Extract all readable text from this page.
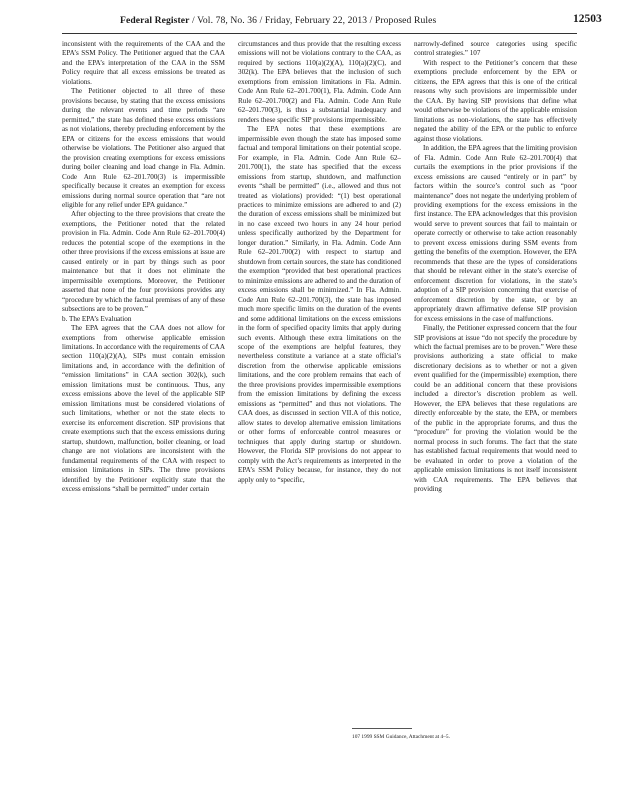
Federal Register / Vol. 78, No. 36 / Friday, February 22, 2013 / Proposed Rules	12503

inconsistent with the requirements of the CAA and the EPA’s SSM Policy. The Petitioner argued that the CAA and the EPA’s interpretation of the CAA in the SSM Policy require that all excess emissions be treated as violations.

The Petitioner objected to all three of these provisions because, by stating that the excess emissions during the relevant events and time periods “are permitted,” the state has defined these excess emissions as not violations, thereby precluding enforcement by the EPA or citizens for the excess emissions that would otherwise be violations. The Petitioner also argued that the provision creating exemptions for excess emissions during boiler cleaning and load change in Fla. Admin. Code Ann Rule 62–201.700(3) is impermissible specifically because it creates an exemption for excess emissions during normal source operation that “are not eligible for any relief under EPA guidance.”

After objecting to the three provisions that create the exemptions, the Petitioner noted that the related provision in Fla. Admin. Code Ann Rule 62–201.700(4) reduces the potential scope of the exemptions in the other three provisions if the excess emissions at issue are caused entirely or in part by things such as poor maintenance but that it does not eliminate the impermissible exemptions. Moreover, the Petitioner asserted that none of the four provisions provides any “procedure by which the factual premises of any of these subsections are to be proven.”

b. The EPA’s Evaluation

The EPA agrees that the CAA does not allow for exemptions from otherwise applicable emission limitations. In accordance with the requirements of CAA section 110(a)(2)(A), SIPs must contain emission limitations and, in accordance with the definition of “emission limitations” in CAA section 302(k), such emission limitations must be continuous. Thus, any excess emissions above the level of the applicable SIP emission limitations must be considered violations of such limitations, whether or not the state elects to exercise its enforcement discretion. SIP provisions that create exemptions such that the excess emissions during startup, shutdown, malfunction, boiler cleaning, or load change are not violations are inconsistent with the fundamental requirements of the CAA with respect to emission limitations in SIPs. The three provisions identified by the Petitioner explicitly state that the excess emissions “shall be permitted” under certain

circumstances and thus provide that the resulting excess emissions will not be violations contrary to the CAA, as required by sections 110(a)(2)(A), 110(a)(2)(C), and 302(k). The EPA believes that the inclusion of such exemptions from emission limitations in Fla. Admin. Code Ann Rule 62–201.700(1), Fla. Admin. Code Ann Rule 62–201.700(2) and Fla. Admin. Code Ann Rule 62–201.700(3), is thus a substantial inadequacy and renders these specific SIP provisions impermissible.

The EPA notes that these exemptions are impermissible even though the state has imposed some factual and temporal limitations on their potential scope. For example, in Fla. Admin. Code Ann Rule 62–201.700(1), the state has specified that the excess emissions from startup, shutdown, and malfunction events “shall be permitted” (i.e., allowed and thus not treated as violations) provided: “(1) best operational practices to minimize emissions are adhered to and (2) the duration of excess emissions shall be minimized but in no case exceed two hours in any 24 hour period unless specifically authorized by the Department for longer duration.” Similarly, in Fla. Admin. Code Ann Rule 62–201.700(2) with respect to startup and shutdown from certain sources, the state has conditioned the exemption “provided that best operational practices to minimize emissions are adhered to and the duration of excess emissions shall be minimized.” In Fla. Admin. Code Ann Rule 62–201.700(3), the state has imposed much more specific limits on the duration of the events and some additional limitations on the excess emissions in the form of specified opacity limits that apply during such events. Although these extra limitations on the scope of the exemptions are helpful features, they nevertheless constitute a variance at a state official’s discretion from the otherwise applicable emissions limitations, and the core problem remains that each of the three provisions provides impermissible exemptions from the emission limitations by defining the excess emissions as “permitted” and thus not violations. The CAA does, as discussed in section VII.A of this notice, allow states to develop alternative emission limitations or other forms of enforceable control measures or techniques that apply during startup or shutdown. However, the Florida SIP provisions do not appear to comply with the Act’s requirements as interpreted in the EPA’s SSM Policy because, for instance, they do not apply only to “specific,

narrowly-defined source categories using specific control strategies.” 107

With respect to the Petitioner’s concern that these exemptions preclude enforcement by the EPA or citizens, the EPA agrees that this is one of the critical reasons why such provisions are impermissible under the CAA. By having SIP provisions that define what would otherwise be violations of the applicable emission limitations as non-violations, the state has effectively negated the ability of the EPA or the public to enforce against those violations.

In addition, the EPA agrees that the limiting provision of Fla. Admin. Code Ann Rule 62–201.700(4) that curtails the exemptions in the prior provisions if the excess emissions are caused “entirely or in part” by factors within the source’s control such as “poor maintenance” does not negate the underlying problem of providing exemptions for the excess emissions in the first instance. The EPA acknowledges that this provision would serve to prevent sources that fail to maintain or operate correctly or otherwise to take action reasonably to prevent excess emissions during SSM events from getting the benefits of the exemption. However, the EPA recommends that these are the types of considerations that should be relevant either in the state’s exercise of enforcement discretion for violations, in the state’s adoption of a SIP provision concerning that exercise of enforcement discretion by the state, or by an appropriately drawn affirmative defense SIP provision for excess emissions in the case of malfunctions.

Finally, the Petitioner expressed concern that the four SIP provisions at issue “do not specify the procedure by which the factual premises are to be proven.” Were these provisions authorizing a state official to make discretionary decisions as to whether or not a given event qualified for the (impermissible) exemption, there could be an additional concern that these provisions included a director’s discretion problem as well. However, the EPA believes that these regulations are directly enforceable by the state, the EPA, or members of the public in the appropriate forums, and thus the “procedure” for proving the violation would be the normal process in such forums. The fact that the state has established factual requirements that would need to be evaluated in order to prove a violation of the applicable emission limitations is not itself inconsistent with CAA requirements. The EPA believes that providing

107 1999 SSM Guidance, Attachment at 4–5.
